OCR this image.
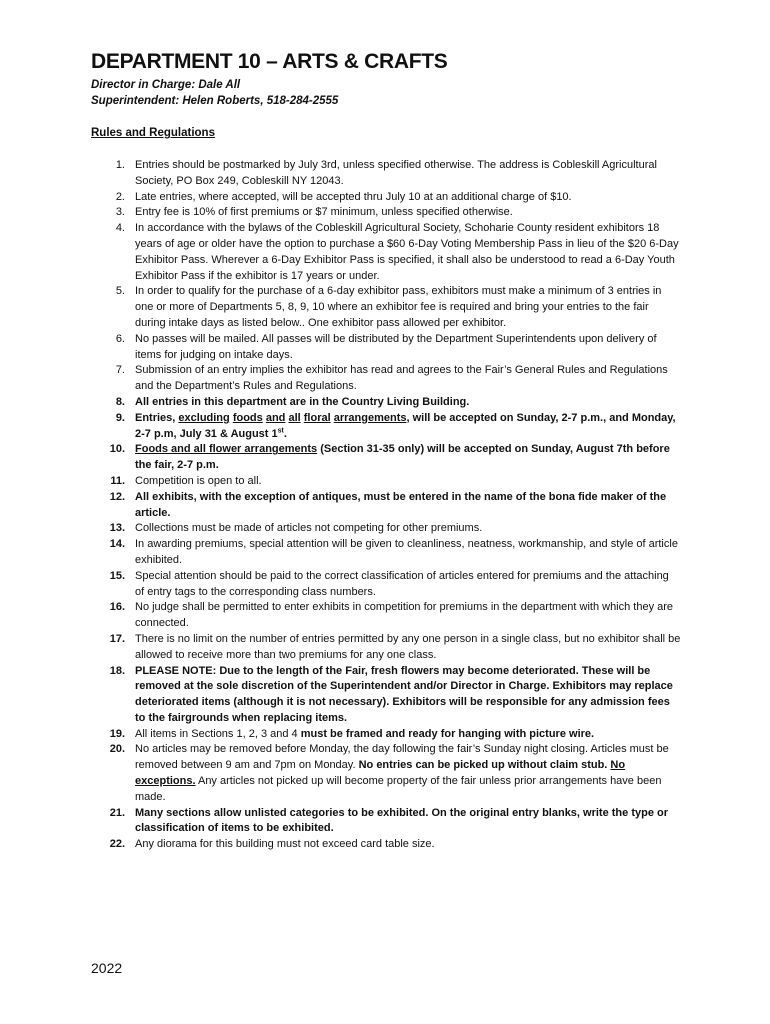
DEPARTMENT 10 – ARTS & CRAFTS
Director in Charge: Dale All
Superintendent: Helen Roberts, 518-284-2555
Rules and Regulations
1. Entries should be postmarked by July 3rd, unless specified otherwise. The address is Cobleskill Agricultural Society, PO Box 249, Cobleskill NY 12043.
2. Late entries, where accepted, will be accepted thru July 10 at an additional charge of $10.
3. Entry fee is 10% of first premiums or $7 minimum, unless specified otherwise.
4. In accordance with the bylaws of the Cobleskill Agricultural Society, Schoharie County resident exhibitors 18 years of age or older have the option to purchase a $60 6-Day Voting Membership Pass in lieu of the $20 6-Day Exhibitor Pass. Wherever a 6-Day Exhibitor Pass is specified, it shall also be understood to read a 6-Day Youth Exhibitor Pass if the exhibitor is 17 years or under.
5. In order to qualify for the purchase of a 6-day exhibitor pass, exhibitors must make a minimum of 3 entries in one or more of Departments 5, 8, 9, 10 where an exhibitor fee is required and bring your entries to the fair during intake days as listed below.. One exhibitor pass allowed per exhibitor.
6. No passes will be mailed. All passes will be distributed by the Department Superintendents upon delivery of items for judging on intake days.
7. Submission of an entry implies the exhibitor has read and agrees to the Fair’s General Rules and Regulations and the Department’s Rules and Regulations.
8. All entries in this department are in the Country Living Building.
9. Entries, excluding foods and all floral arrangements, will be accepted on Sunday, 2-7 p.m., and Monday, 2-7 p.m, July 31 & August 1st.
10. Foods and all flower arrangements (Section 31-35 only) will be accepted on Sunday, August 7th before the fair, 2-7 p.m.
11. Competition is open to all.
12. All exhibits, with the exception of antiques, must be entered in the name of the bona fide maker of the article.
13. Collections must be made of articles not competing for other premiums.
14. In awarding premiums, special attention will be given to cleanliness, neatness, workmanship, and style of article exhibited.
15. Special attention should be paid to the correct classification of articles entered for premiums and the attaching of entry tags to the corresponding class numbers.
16. No judge shall be permitted to enter exhibits in competition for premiums in the department with which they are connected.
17. There is no limit on the number of entries permitted by any one person in a single class, but no exhibitor shall be allowed to receive more than two premiums for any one class.
18. PLEASE NOTE: Due to the length of the Fair, fresh flowers may become deteriorated. These will be removed at the sole discretion of the Superintendent and/or Director in Charge. Exhibitors may replace deteriorated items (although it is not necessary). Exhibitors will be responsible for any admission fees to the fairgrounds when replacing items.
19. All items in Sections 1, 2, 3 and 4 must be framed and ready for hanging with picture wire.
20. No articles may be removed before Monday, the day following the fair’s Sunday night closing. Articles must be removed between 9 am and 7pm on Monday. No entries can be picked up without claim stub. No exceptions. Any articles not picked up will become property of the fair unless prior arrangements have been made.
21. Many sections allow unlisted categories to be exhibited. On the original entry blanks, write the type or classification of items to be exhibited.
22. Any diorama for this building must not exceed card table size.
2022
